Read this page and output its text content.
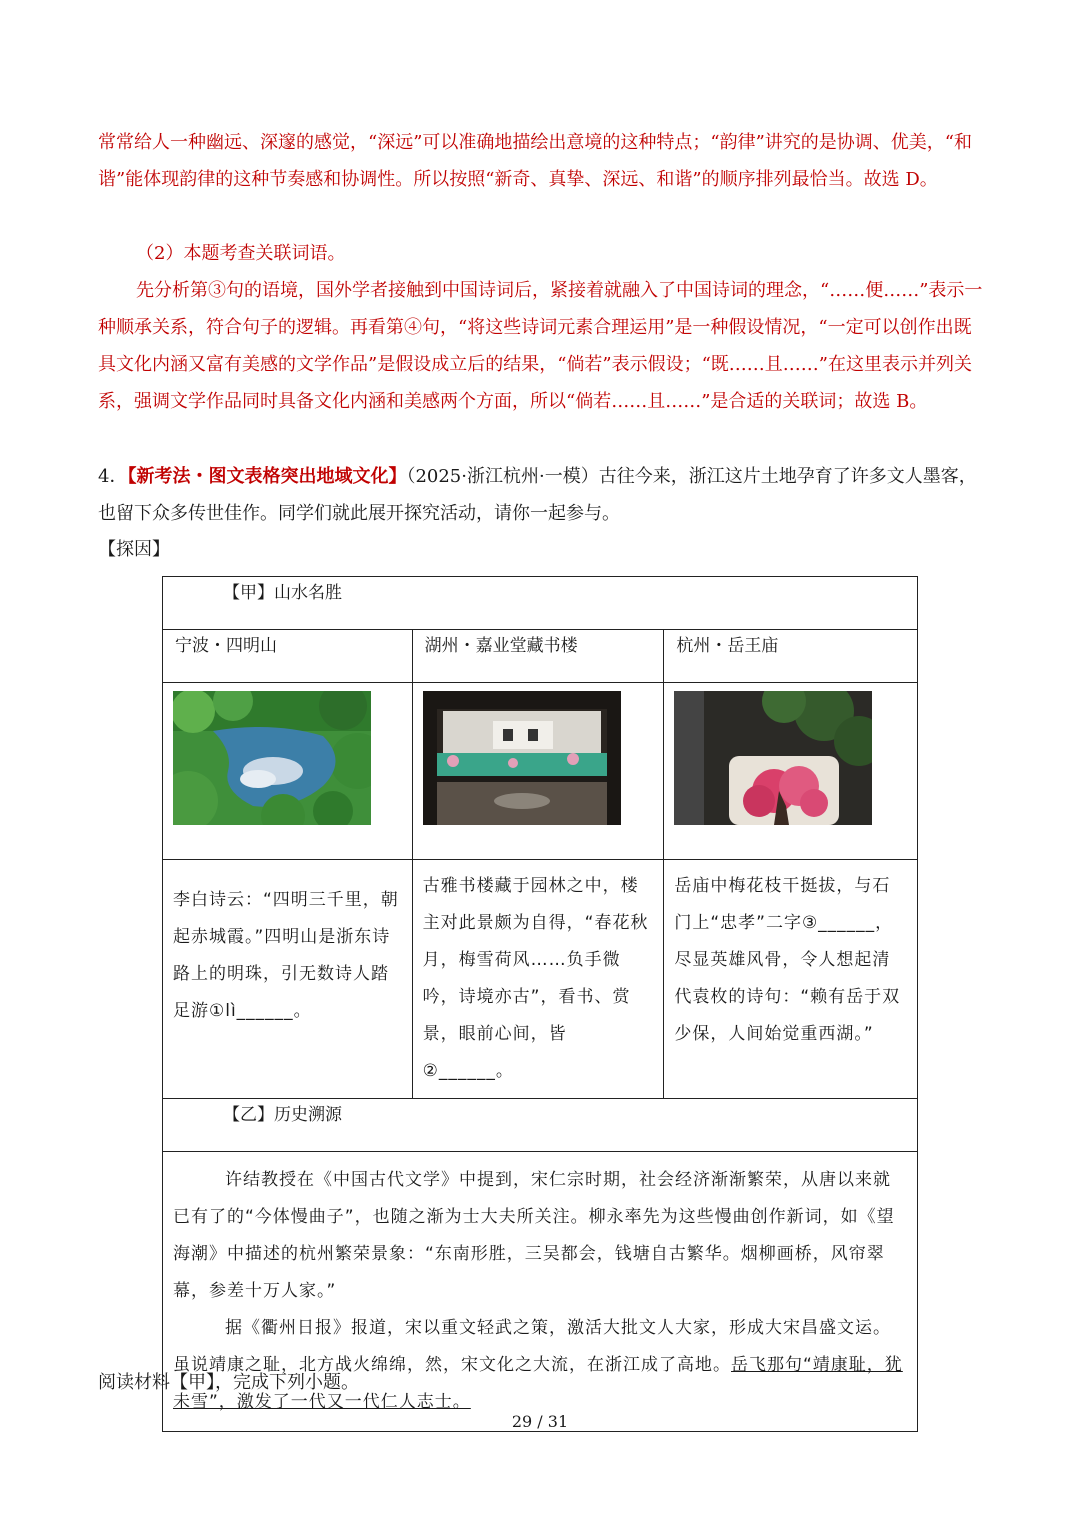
常常给人一种幽远、深邃的感觉，“深远”可以准确地描绘出意境的这种特点；“韵律”讲究的是协调、优美，“和谐”能体现韵律的这种节奏感和协调性。所以按照“新奇、真挚、深远、和谐”的顺序排列最恰当。故选 D。

（2）本题考查关联词语。

先分析第③句的语境，国外学者接触到中国诗词后，紧接着就融入了中国诗词的理念，“……便……”表示一种顺承关系，符合句子的逻辑。再看第④句，“将这些诗词元素合理运用”是一种假设情况，“一定可以创作出既具文化内涵又富有美感的文学作品”是假设成立后的结果，“倘若”表示假设；“既……且……”在这里表示并列关系，强调文学作品同时具备文化内涵和美感两个方面，所以“倘若……且……”是合适的关联词；故选 B。

4．【新考法・图文表格突出地域文化】（2025·浙江杭州·一模）古往今来，浙江这片土地孕育了许多文人墨客，也留下众多传世佳作。同学们就此展开探究活动，请你一起参与。

【探因】
【甲】山水名胜		
宁波・四明山	湖州・嘉业堂藏书楼	杭州・岳王庙

李白诗云：“四明三千里，朝起赤城霞。”四明山是浙东诗路上的明珠，引无数诗人踏足游①lì______。	古雅书楼藏于园林之中，楼主对此景颇为自得，“春花秋月，梅雪荷风……负手微吟，诗境亦古”，看书、赏景，眼前心间，皆②______。	岳庙中梅花枝干挺拔，与石门上“忠孝”二字③______，尽显英雄风骨，令人想起清代袁枚的诗句：“赖有岳于双少保，人间始觉重西湖。”
【乙】历史溯源		

许结教授在《中国古代文学》中提到，宋仁宗时期，社会经济渐渐繁荣，从唐以来就已有了的“今体慢曲子”，也随之渐为士大夫所关注。柳永率先为这些慢曲创作新词，如《望海潮》中描述的杭州繁荣景象：“东南形胜，三吴都会，钱塘自古繁华。烟柳画桥，风帘翠幕，参差十万人家。”

据《衢州日报》报道，宋以重文轻武之策，激活大批文人大家，形成大宋昌盛文运。虽说靖康之耻，北方战火绵绵，然，宋文化之大流，在浙江成了高地。岳飞那句“靖康耻，犹未雪”，激发了一代又一代仁人志士。		

阅读材料【甲】，完成下列小题。
29 / 31
